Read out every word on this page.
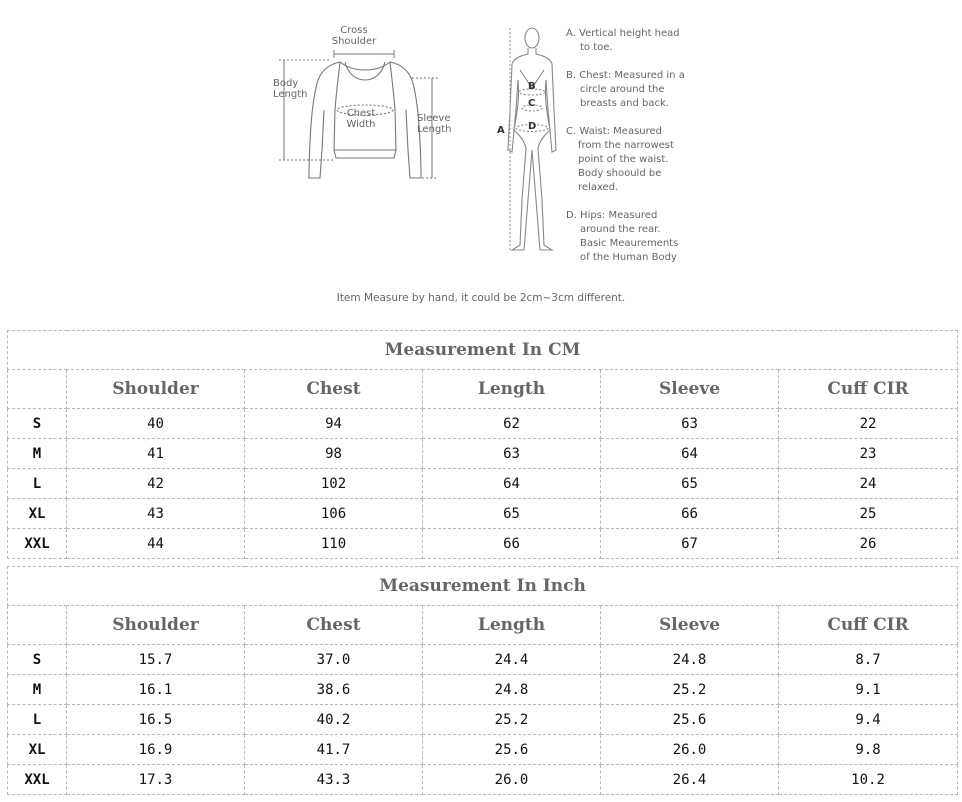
Cross
Shoulder
Body
Length
Chest
Width
Sleeve
Length	A
B
C
D
A. Vertical height head
to toe.
B. Chest: Measured in a
circle around the
breasts and back.
C. Waist: Measured
from the narrowest
point of the waist.
Body shoould be
relaxed.
D. Hips: Measured
around the rear.
Basic Meaurements
of the Human Body
Item Measure by hand, it could be 2cm~3cm different.
Measurement In CM					
	Shoulder	Chest	Length	Sleeve	Cuff CIR
S	40	94	62	63	22
M	41	98	63	64	23
L	42	102	64	65	24
XL	43	106	65	66	25
XXL	44	110	66	67	26
Measurement In Inch					
	Shoulder	Chest	Length	Sleeve	Cuff CIR
S	15.7	37.0	24.4	24.8	8.7
M	16.1	38.6	24.8	25.2	9.1
L	16.5	40.2	25.2	25.6	9.4
XL	16.9	41.7	25.6	26.0	9.8
XXL	17.3	43.3	26.0	26.4	10.2
